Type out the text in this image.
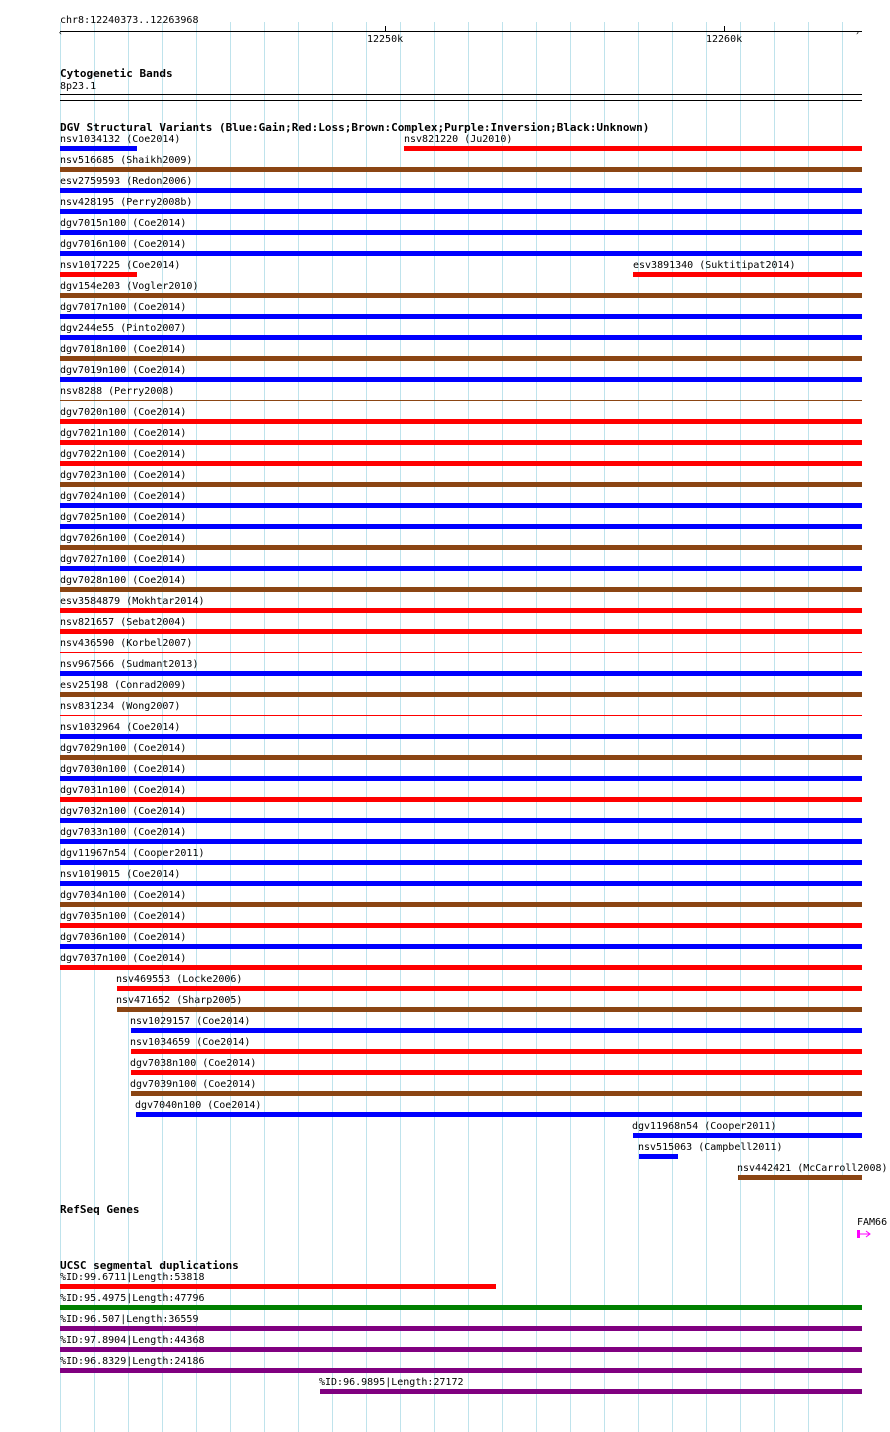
chr8:12240373..12263968
‹	›
12250k	12260k
Cytogenetic Bands
8p23.1
DGV Structural Variants (Blue:Gain;Red:Loss;Brown:Complex;Purple:Inversion;Black:Unknown)
nsv1034132 (Coe2014)	nsv821220 (Ju2010)
nsv516685 (Shaikh2009)
esv2759593 (Redon2006)
nsv428195 (Perry2008b)
dgv7015n100 (Coe2014)
dgv7016n100 (Coe2014)
nsv1017225 (Coe2014)	esv3891340 (Suktitipat2014)
dgv154e203 (Vogler2010)
dgv7017n100 (Coe2014)
dgv244e55 (Pinto2007)
dgv7018n100 (Coe2014)
dgv7019n100 (Coe2014)
nsv8288 (Perry2008)
dgv7020n100 (Coe2014)
dgv7021n100 (Coe2014)
dgv7022n100 (Coe2014)
dgv7023n100 (Coe2014)
dgv7024n100 (Coe2014)
dgv7025n100 (Coe2014)
dgv7026n100 (Coe2014)
dgv7027n100 (Coe2014)
dgv7028n100 (Coe2014)
esv3584879 (Mokhtar2014)
nsv821657 (Sebat2004)
nsv436590 (Korbel2007)
nsv967566 (Sudmant2013)
esv25198 (Conrad2009)
nsv831234 (Wong2007)
nsv1032964 (Coe2014)
dgv7029n100 (Coe2014)
dgv7030n100 (Coe2014)
dgv7031n100 (Coe2014)
dgv7032n100 (Coe2014)
dgv7033n100 (Coe2014)
dgv11967n54 (Cooper2011)
nsv1019015 (Coe2014)
dgv7034n100 (Coe2014)
dgv7035n100 (Coe2014)
dgv7036n100 (Coe2014)
dgv7037n100 (Coe2014)
nsv469553 (Locke2006)
nsv471652 (Sharp2005)
nsv1029157 (Coe2014)
nsv1034659 (Coe2014)
dgv7038n100 (Coe2014)
dgv7039n100 (Coe2014)
dgv7040n100 (Coe2014)
dgv11968n54 (Cooper2011)
nsv515063 (Campbell2011)
nsv442421 (McCarroll2008)
RefSeq Genes
FAM66
UCSC segmental duplications
%ID:99.6711|Length:53818
%ID:95.4975|Length:47796
%ID:96.507|Length:36559
%ID:97.8904|Length:44368
%ID:96.8329|Length:24186
%ID:96.9895|Length:27172
